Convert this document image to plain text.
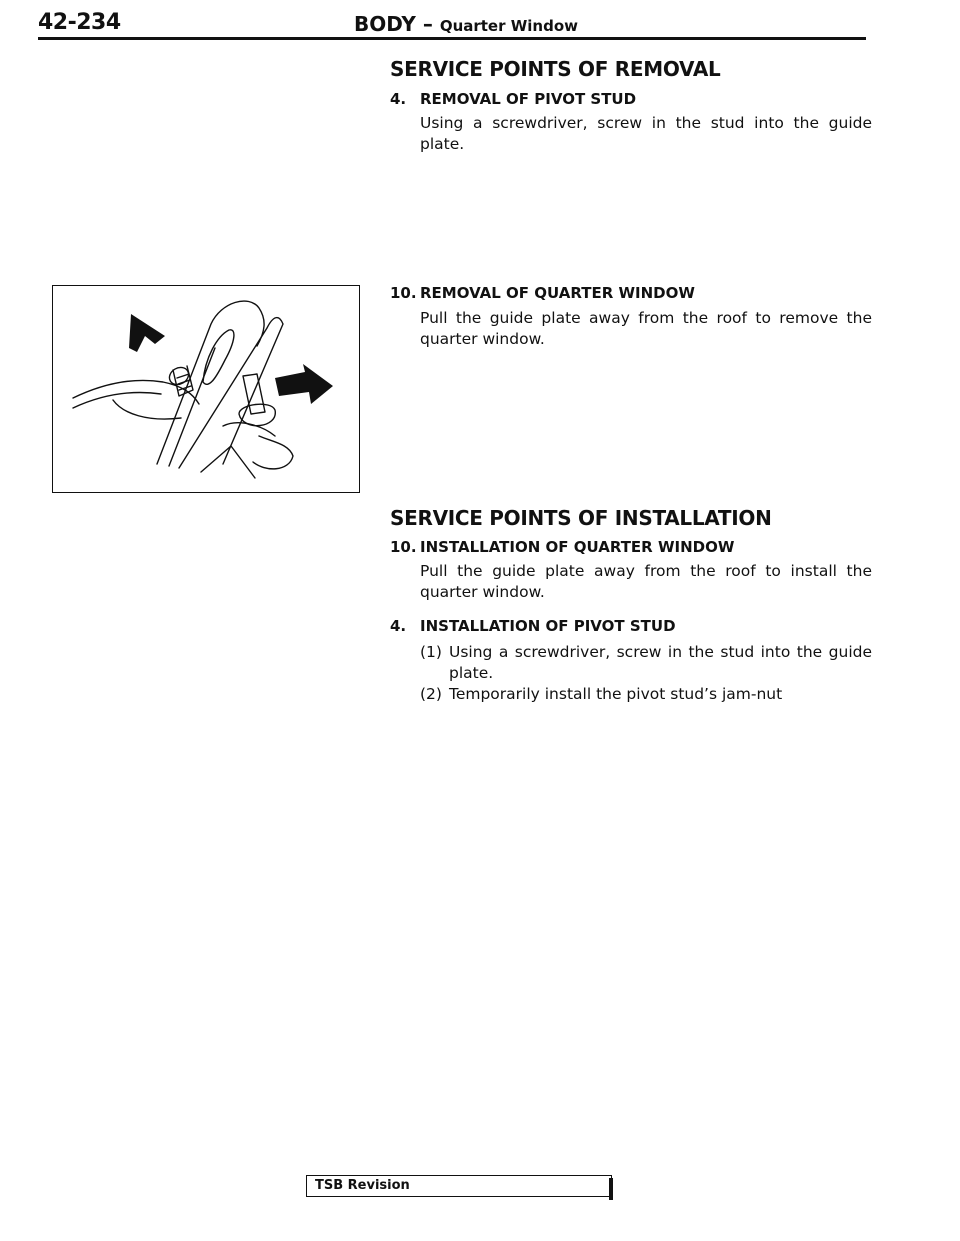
42-234	BODY – Quarter Window
SERVICE POINTS OF REMOVAL
4. REMOVAL OF PIVOT STUD
Using a screwdriver, screw in the stud into the guide plate.
10. REMOVAL OF QUARTER WINDOW
Pull the guide plate away from the roof to remove the quarter window.
SERVICE POINTS OF INSTALLATION
10. INSTALLATION OF QUARTER WINDOW
Pull the guide plate away from the roof to install the quarter window.
4. INSTALLATION OF PIVOT STUD
(1) Using a screwdriver, screw in the stud into the guide plate.
(2) Temporarily install the pivot stud’s jam-nut
TSB Revision
